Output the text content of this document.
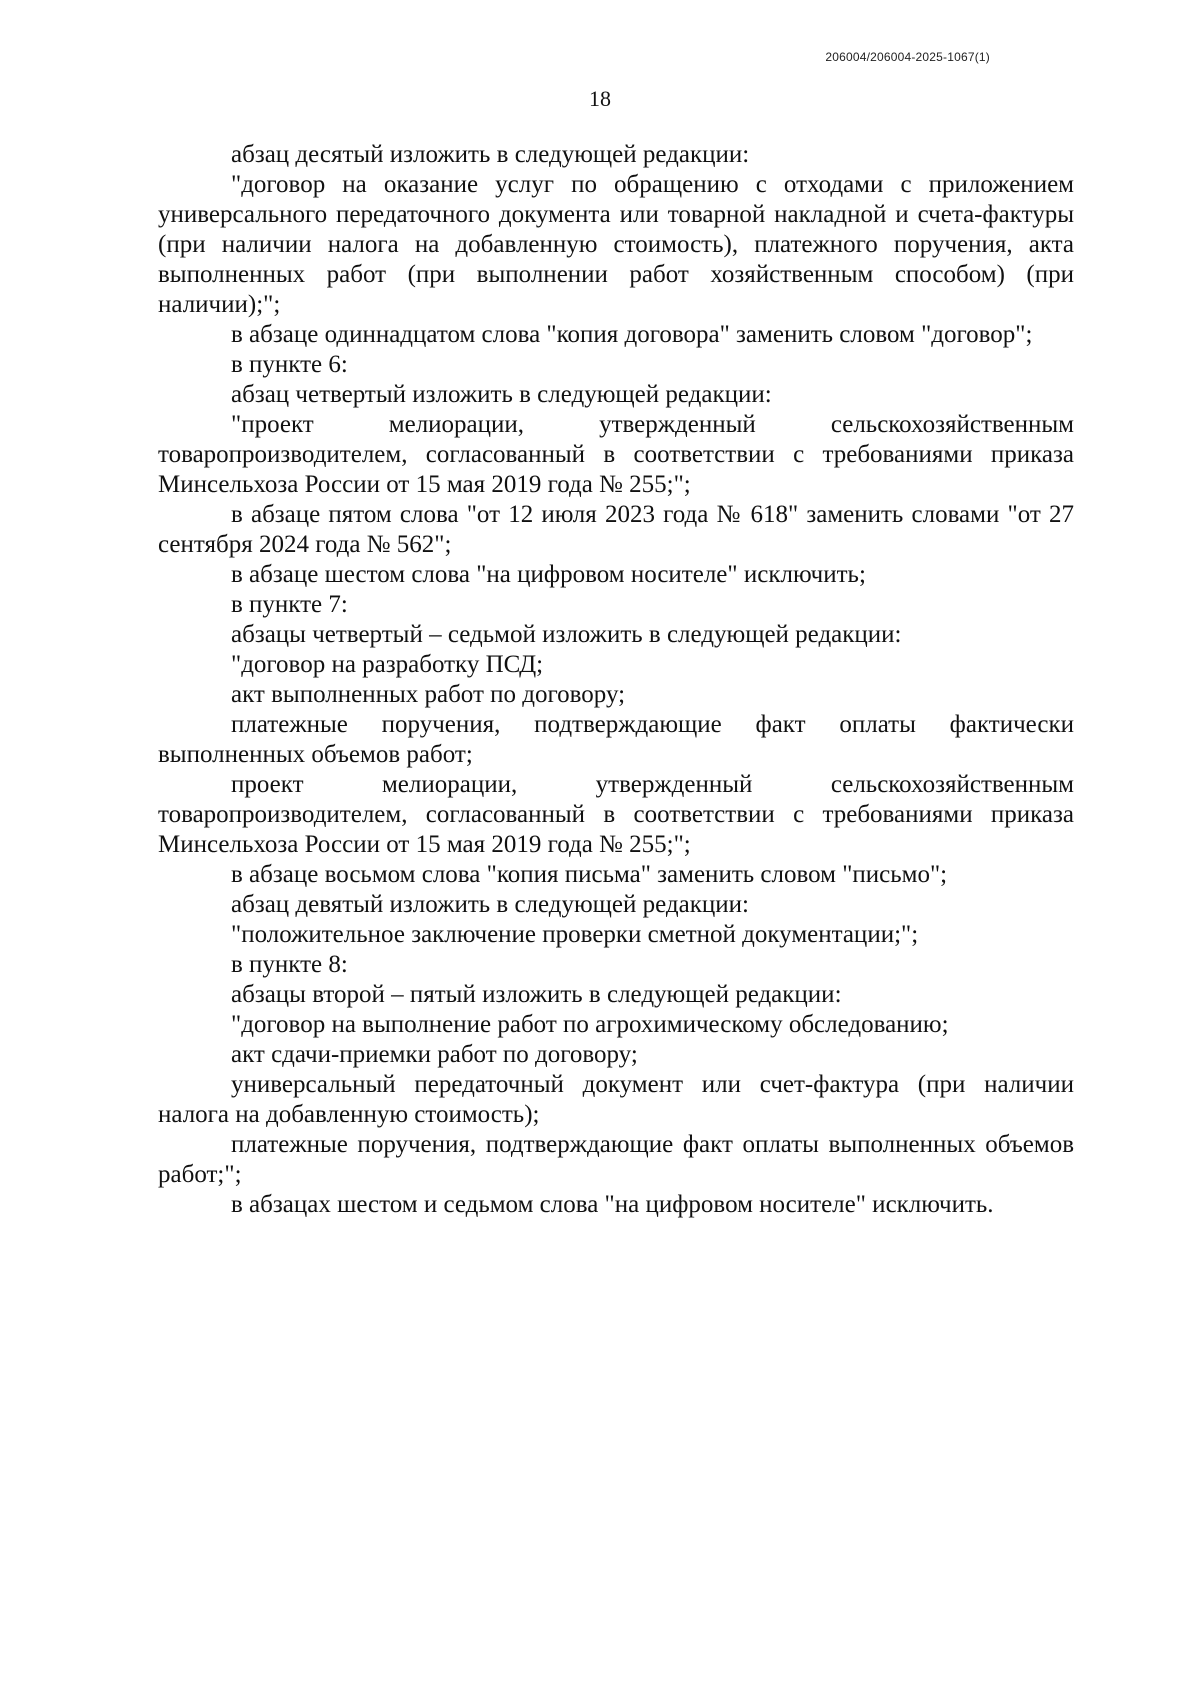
206004/206004-2025-1067(1)
18

абзац десятый изложить в следующей редакции:

"договор на оказание услуг по обращению с отходами с приложением универсального передаточного документа или товарной накладной и счета-фактуры (при наличии налога на добавленную стоимость), платежного поручения, акта выполненных работ (при выполнении работ хозяйственным способом) (при наличии);";

в абзаце одиннадцатом слова "копия договора" заменить словом "договор";

в пункте 6:

абзац четвертый изложить в следующей редакции:

"проект мелиорации, утвержденный сельскохозяйственным товаропроизводителем, согласованный в соответствии с требованиями приказа Минсельхоза России от 15 мая 2019 года № 255;";

в абзаце пятом слова "от 12 июля 2023 года № 618" заменить словами "от 27 сентября 2024 года № 562";

в абзаце шестом слова "на цифровом носителе" исключить;

в пункте 7:

абзацы четвертый – седьмой изложить в следующей редакции:

"договор на разработку ПСД;

акт выполненных работ по договору;

платежные поручения, подтверждающие факт оплаты фактически выполненных объемов работ;

проект мелиорации, утвержденный сельскохозяйственным товаропроизводителем, согласованный в соответствии с требованиями приказа Минсельхоза России от 15 мая 2019 года № 255;";

в абзаце восьмом слова "копия письма" заменить словом "письмо";

абзац девятый изложить в следующей редакции:

"положительное заключение проверки сметной документации;";

в пункте 8:

абзацы второй – пятый изложить в следующей редакции:

"договор на выполнение работ по агрохимическому обследованию;

акт сдачи-приемки работ по договору;

универсальный передаточный документ или счет-фактура (при наличии налога на добавленную стоимость);

платежные поручения, подтверждающие факт оплаты выполненных объемов работ;";

в абзацах шестом и седьмом слова "на цифровом носителе" исключить.
